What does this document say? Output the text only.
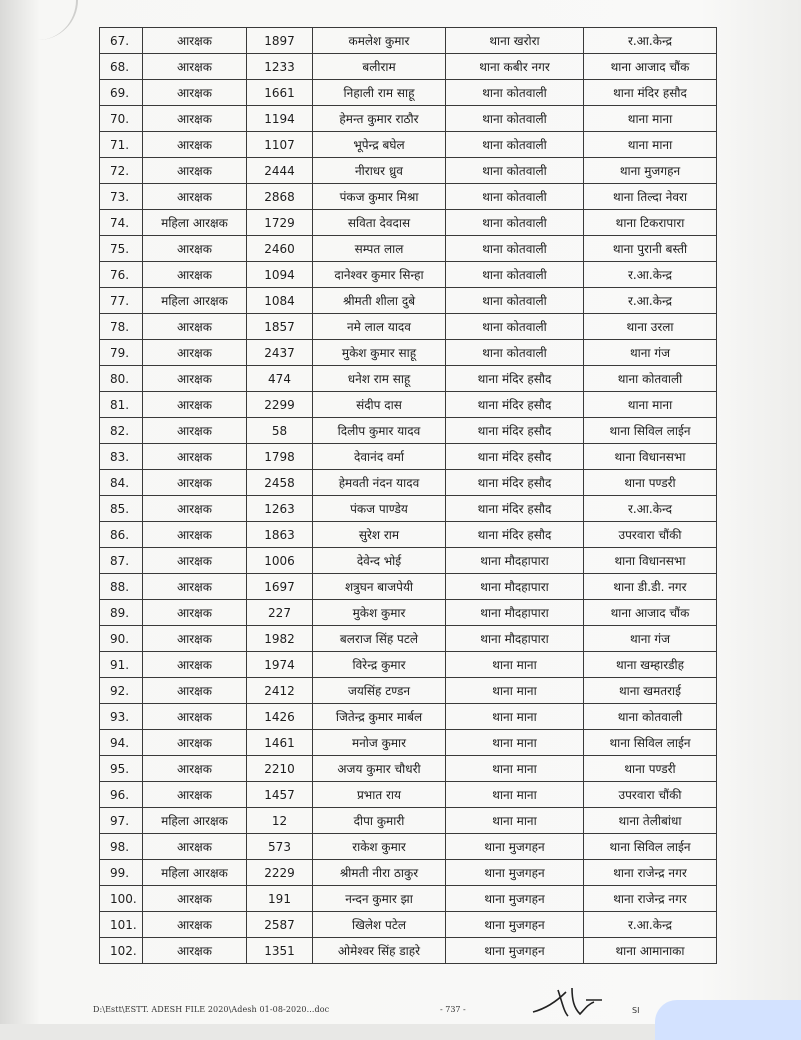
67.	आरक्षक	1897	कमलेश कुमार	थाना खरोरा	र.आ.केन्द्र
68.	आरक्षक	1233	बलीराम	थाना कबीर नगर	थाना आजाद चौंक
69.	आरक्षक	1661	निहाली राम साहू	थाना कोतवाली	थाना मंदिर हसौद
70.	आरक्षक	1194	हेमन्त कुमार राठौर	थाना कोतवाली	थाना माना
71.	आरक्षक	1107	भूपेन्द्र बघेल	थाना कोतवाली	थाना माना
72.	आरक्षक	2444	नीराधर ध्रुव	थाना कोतवाली	थाना मुजगहन
73.	आरक्षक	2868	पंकज कुमार मिश्रा	थाना कोतवाली	थाना तिल्दा नेवरा
74.	महिला आरक्षक	1729	सविता देवदास	थाना कोतवाली	थाना टिकरापारा
75.	आरक्षक	2460	सम्पत लाल	थाना कोतवाली	थाना पुरानी बस्ती
76.	आरक्षक	1094	दानेश्वर कुमार सिन्हा	थाना कोतवाली	र.आ.केन्द्र
77.	महिला आरक्षक	1084	श्रीमती शीला दुबे	थाना कोतवाली	र.आ.केन्द्र
78.	आरक्षक	1857	नमे लाल यादव	थाना कोतवाली	थाना उरला
79.	आरक्षक	2437	मुकेश कुमार साहू	थाना कोतवाली	थाना गंज
80.	आरक्षक	474	धनेश राम साहू	थाना मंदिर हसौद	थाना कोतवाली
81.	आरक्षक	2299	संदीप दास	थाना मंदिर हसौद	थाना माना
82.	आरक्षक	58	दिलीप कुमार यादव	थाना मंदिर हसौद	थाना सिविल लाईन
83.	आरक्षक	1798	देवानंद वर्मा	थाना मंदिर हसौद	थाना विधानसभा
84.	आरक्षक	2458	हेमवती नंदन यादव	थाना मंदिर हसौद	थाना पण्डरी
85.	आरक्षक	1263	पंकज पाण्डेय	थाना मंदिर हसौद	र.आ.केन्द
86.	आरक्षक	1863	सुरेश राम	थाना मंदिर हसौद	उपरवारा चौंकी
87.	आरक्षक	1006	देवेन्द भोई	थाना मौदहापारा	थाना विधानसभा
88.	आरक्षक	1697	शत्रुघन बाजपेयी	थाना मौदहापारा	थाना डी.डी. नगर
89.	आरक्षक	227	मुकेश कुमार	थाना मौदहापारा	थाना आजाद चौंक
90.	आरक्षक	1982	बलराज सिंह पटले	थाना मौदहापारा	थाना गंज
91.	आरक्षक	1974	विरेन्द्र कुमार	थाना माना	थाना खम्हारडीह
92.	आरक्षक	2412	जयसिंह टण्डन	थाना माना	थाना खमतराई
93.	आरक्षक	1426	जितेन्द्र कुमार मार्बल	थाना माना	थाना कोतवाली
94.	आरक्षक	1461	मनोज कुमार	थाना माना	थाना सिविल लाईन
95.	आरक्षक	2210	अजय कुमार चौधरी	थाना माना	थाना पण्डरी
96.	आरक्षक	1457	प्रभात राय	थाना माना	उपरवारा चौंकी
97.	महिला आरक्षक	12	दीपा कुमारी	थाना माना	थाना तेलीबांधा
98.	आरक्षक	573	राकेश कुमार	थाना मुजगहन	थाना सिविल लाईन
99.	महिला आरक्षक	2229	श्रीमती नीरा ठाकुर	थाना मुजगहन	थाना राजेन्द्र नगर
100.	आरक्षक	191	नन्दन कुमार झा	थाना मुजगहन	थाना राजेन्द्र नगर
101.	आरक्षक	2587	खिलेश पटेल	थाना मुजगहन	र.आ.केन्द्र
102.	आरक्षक	1351	ओमेश्वर सिंह डाहरे	थाना मुजगहन	थाना आमानाका
D:\Estt\ESTT. ADESH FILE 2020\Adesh 01-08-2020...doc	- 737 -	SI
